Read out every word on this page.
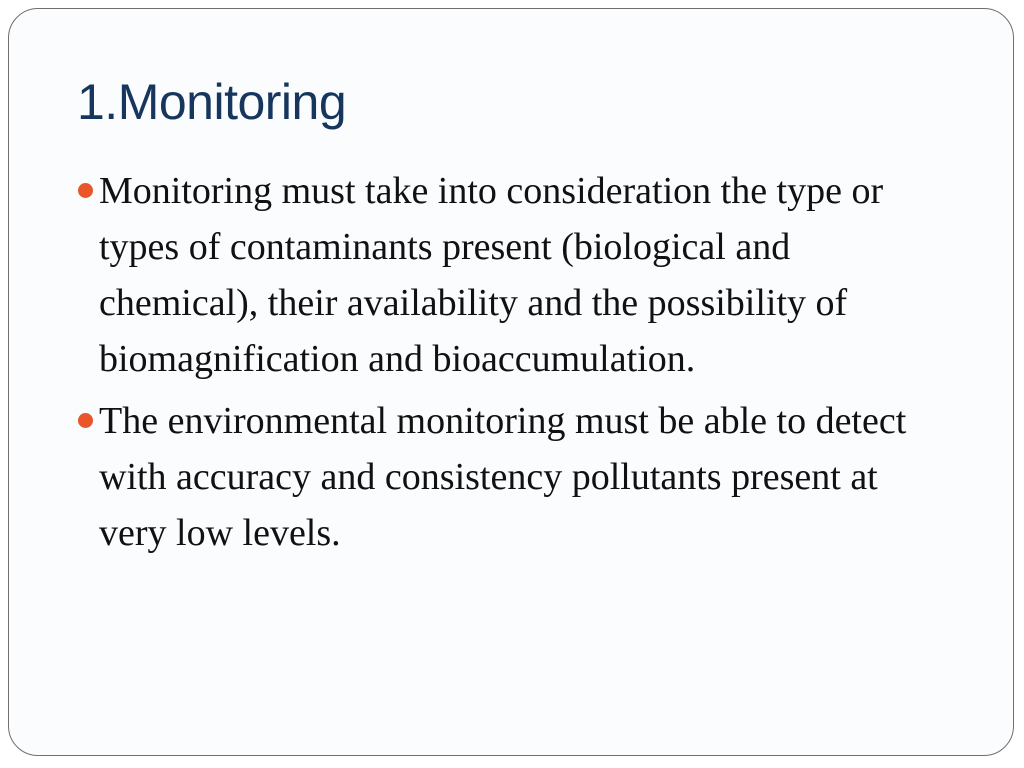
1.Monitoring
Monitoring must take into consideration the type or types of contaminants present (biological and chemical), their availability and the possibility of biomagnification and bioaccumulation.
The environmental monitoring must be able to detect with accuracy and consistency pollutants present at very low levels.
